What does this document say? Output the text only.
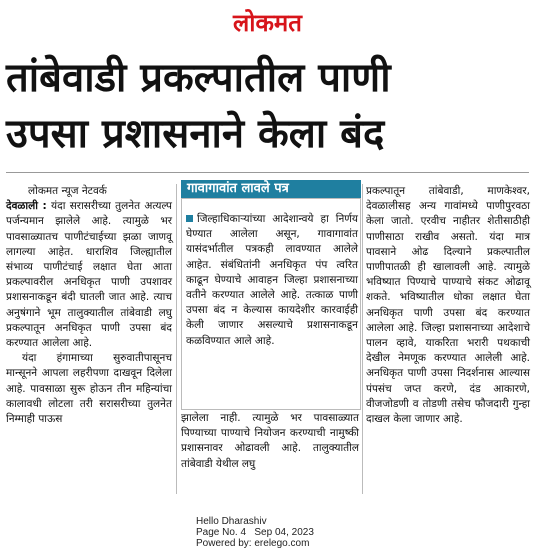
लोकमत
तांबेवाडी प्रकल्पातील पाणी
उपसा प्रशासनाने केला बंद

लोकमत न्यूज नेटवर्क

देवळाली : यंदा सरासरीच्या तुलनेत अत्यल्प पर्जन्यमान झालेले आहे. त्यामुळे भर पावसाळ्यातच पाणीटंचाईच्या झळा जाणवू लागल्या आहेत. धाराशिव जिल्ह्यातील संभाव्य पाणीटंचाई लक्षात घेता आता प्रकल्पावरील अनधिकृत पाणी उपशावर प्रशासनाकडून बंदी घातली जात आहे. त्याच अनुषंगाने भूम तालुक्यातील तांबेवाडी लघु प्रकल्पातून अनधिकृत पाणी उपसा बंद करण्यात आलेला आहे.

यंदा हंगामाच्या सुरुवातीपासूनच मान्सूनने आपला लहरीपणा दाखवून दिलेला आहे. पावसाळा सुरू होऊन तीन महिन्यांचा कालावधी लोटला तरी सरासरीच्या तुलनेत निम्माही पाऊस

गावागावांत लावले पत्र

जिल्हाधिकाऱ्यांच्या आदेशान्वये हा निर्णय घेण्यात आलेला असून, गावागावांत यासंदर्भातील पत्रकही लावण्यात आलेले आहेत. संबंधितांनी अनधिकृत पंप त्वरित काढून घेण्याचे आवाहन जिल्हा प्रशासनाच्या वतीने करण्यात आलेले आहे. तत्काळ पाणी उपसा बंद न केल्यास कायदेशीर कारवाईही केली जाणार असल्याचे प्रशासनाकडून कळविण्यात आले आहे.

झालेला नाही. त्यामुळे भर पावसाळ्यात पिण्याच्या पाण्याचे नियोजन करण्याची नामुष्की प्रशासनावर ओढावली आहे. तालुक्यातील तांबेवाडी येथील लघु

प्रकल्पातून तांबेवाडी, माणकेश्वर, देवळालीसह अन्य गावांमध्ये पाणीपुरवठा केला जातो. एरवीच नाहीतर शेतीसाठीही पाणीसाठा राखीव असतो. यंदा मात्र पावसाने ओढ दिल्याने प्रकल्पातील पाणीपातळी ही खालावली आहे. त्यामुळे भविष्यात पिण्याचे पाण्याचे संकट ओढावू शकते. भविष्यातील धोका लक्षात घेता अनधिकृत पाणी उपसा बंद करण्यात आलेला आहे. जिल्हा प्रशासनाच्या आदेशाचे पालन व्हावे, याकरिता भरारी पथकाची देखील नेमणूक करण्यात आलेली आहे. अनधिकृत पाणी उपसा निदर्शनास आल्यास पंपसंच जप्त करणे, दंड आकारणे, वीजजोडणी व तोडणी तसेच फौजदारी गुन्हा दाखल केला जाणार आहे.

Hello Dharashiv
Page No. 4 Sep 04, 2023
Powered by: erelego.com
